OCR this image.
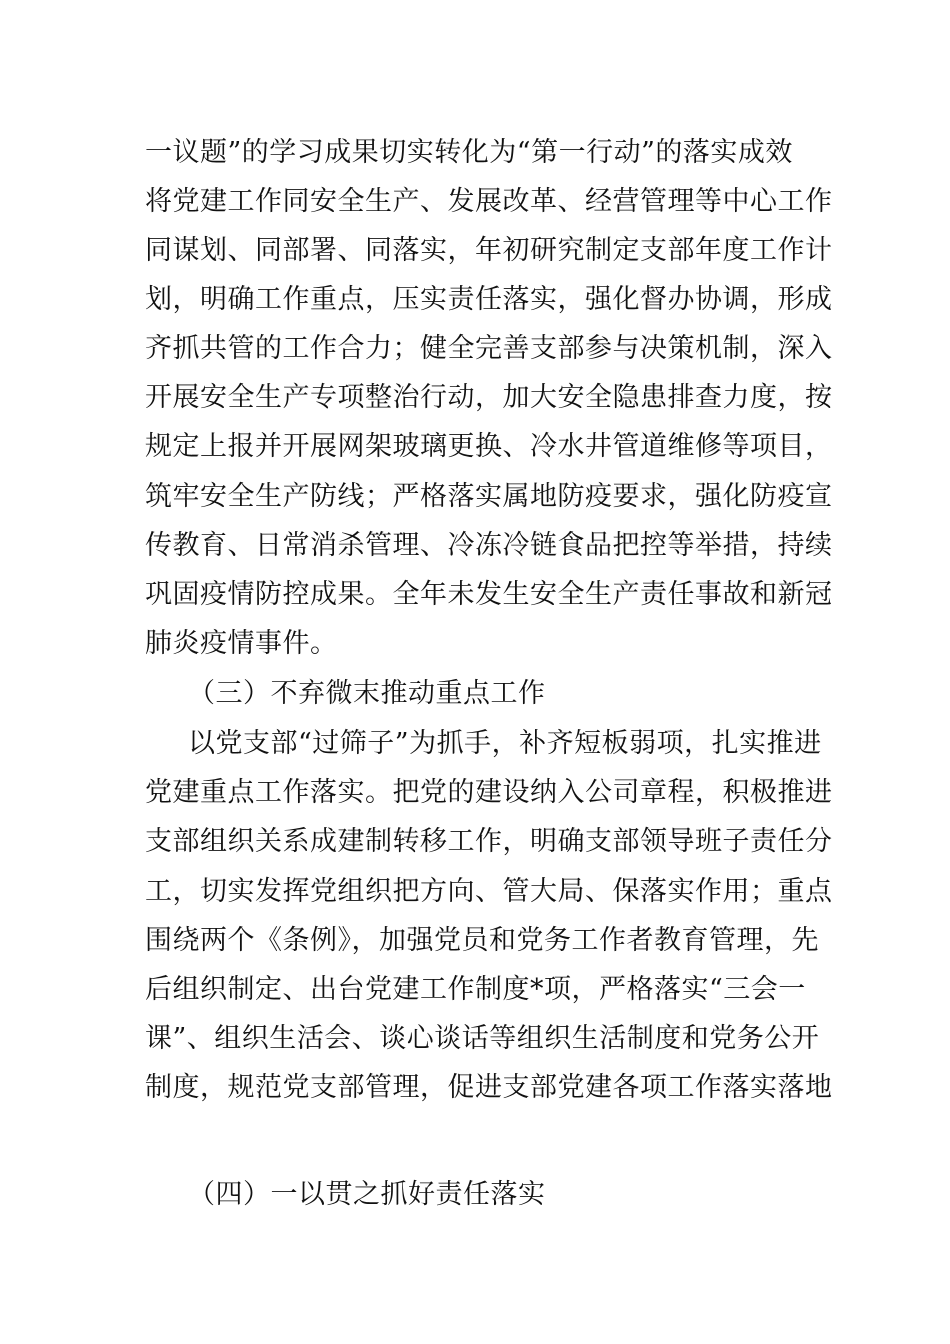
一议题”的学习成果切实转化为“第一行动”的落实成效
将党建工作同安全生产、发展改革、经营管理等中心工作
同谋划、同部署、同落实，年初研究制定支部年度工作计
划，明确工作重点，压实责任落实，强化督办协调，形成
齐抓共管的工作合力；健全完善支部参与决策机制，深入
开展安全生产专项整治行动，加大安全隐患排查力度，按
规定上报并开展网架玻璃更换、冷水井管道维修等项目，
筑牢安全生产防线；严格落实属地防疫要求，强化防疫宣
传教育、日常消杀管理、冷冻冷链食品把控等举措，持续
巩固疫情防控成果。全年未发生安全生产责任事故和新冠
肺炎疫情事件。
（三）不弃微末推动重点工作
以党支部“过筛子”为抓手，补齐短板弱项，扎实推进
党建重点工作落实。把党的建设纳入公司章程，积极推进
支部组织关系成建制转移工作，明确支部领导班子责任分
工，切实发挥党组织把方向、管大局、保落实作用；重点
围绕两个《条例》，加强党员和党务工作者教育管理，先
后组织制定、出台党建工作制度*项，严格落实“三会一
课”、组织生活会、谈心谈话等组织生活制度和党务公开
制度，规范党支部管理，促进支部党建各项工作落实落地
（四）一以贯之抓好责任落实
